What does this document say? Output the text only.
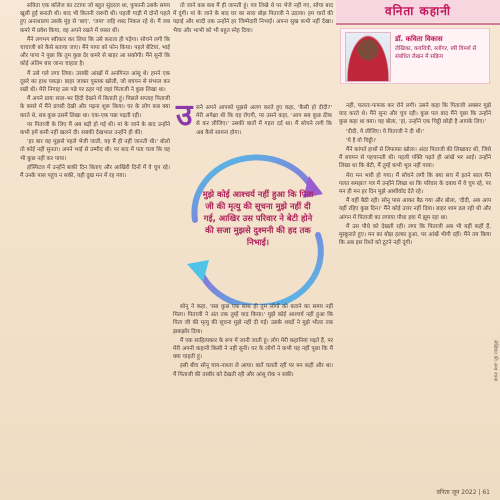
वनिता कहानी

सविता एक कॉलेज का टटापा जो बहुत सुंदरता था, फुफानी उसके समय खुली हुई बनाती थी। बाद भी कितनी जरूरी थी। पहली गाड़ी में दोनों पहले हुए अनाथालय उसके मुंह से 'बाए', 'जमा' जहि शब्द निकल रहे थे। मैं जब कमरे में प्रवेश किया, वह अपने रखने में व्यस्त थी।

मैंने लगभग स्वीकार कर लिया कि उसे कराता ही पड़ेगा। सोचने लगी कि चाचाजी को कैसे बताया जाए। मैंने पापा को फोन किया। पहले बेटियां, भाई और पापा ने पूछा कि तुम कुछ देर कमरे से बाहर आ सकोगी। मैंने सुनी कि कोई अंतिम बार जाना चाहता है।

मैं उसे गले लगा लिया। उसकी आंखों में अनगिनत आंसू थे। हमने एक दूसरे का हाथ पकड़ा। बाहर जाकर पुस्तक खोली, जो बचपन से संभाल कर रखी थी। मेरी निगाह उस पन्ने पर ठहर गई जहां पिताजी ने कुछ लिखा था।

मैं अपने प्रायः साल-भर हिंदी देखने में बिताती हूं। पिछले सप्ताह पिताजी के कमरे में मैंने डायरी देखी और पढ़ना शुरू किया। घर के लोग कब क्या करते थे, सब कुछ उसमें लिखा था। एक-एक पन्ना पढ़ती रही।

पर पिताजी के लिए मैं अब बड़ी हो गई थी। मां के जाने के बाद उन्होंने कभी हमें कमी नहीं खलने दी। सबकी देखभाल उन्होंने ही की।

'हर बार वह मुझसे पहले भेजी जाती, यह मैं ही नहीं जानती थी।' बोलो तो कोई नहीं सुनता। अपने भाई से उम्मीद थी। पर बाद में पता चला कि वह भी कुछ नहीं कर पाया।

हॉस्पिटल में उन्होंने बाकी दिन बिताए और आखिरी दिनों में वे चुप रहे। मैं उनके पास पहुंच न सकी, यही दुख मन में रह गया।

तो जाने कब कब मैं ही जानती हूं। पत्र लिखे थे पर भेजे नहीं गए, सोचा बाद में दूंगी। मां के जाने के बाद घर का सारा बोझ पिताजी ने उठाया। हम चारों की पढ़ाई और शादी तक उन्होंने हर जिम्मेदारी निभाई। अपना सुख कभी नहीं देखा। भैया और भाभी को भी बहुत स्नेह दिया।

डॉ. कविता विकास
लेखिका, कवयित्री, ब्लॉगर, स्त्री विमर्श से संबंधित लेखन में सक्रिय
उ सने अपने आपको मुझसे अलग करते हुए कहा, 'कैसी हो दीदी?' मेरी अपेक्षा थी कि वह रोएगी, पर उसने कहा, 'आप सब कुछ ठीक से कर लीजिए।' उसकी बातों में गहरा दर्द था। मैं सोचने लगी कि अब कैसे सामना होगा।

मुझे कोई आश्चर्य नहीं हुआ कि पिता जी की मृत्यु की सूचना मुझे नहीं दी गई, आखिर उस परिवार ने बेटी होने की सजा मुझसे दुश्मनी की हद तक निभाई।

सोनू ने कहा, 'सब कुछ एक साथ ही तुम लोगों को बताने का समय नहीं मिला। पिताजी ने अंत तक तुम्हें याद किया।' मुझे कोई आश्चर्य नहीं हुआ कि पिता जी की मृत्यु की सूचना मुझे नहीं दी गई। उसके शब्दों ने मुझे भीतर तक झकझोर दिया।

मैं एक साहित्यकार के रूप में जानी जाती हूं। लोग मेरी कहानियां पढ़ते हैं, पर मेरी अपनी कहानी किसी ने नहीं सुनी। घर के लोगों ने कभी यह नहीं पूछा कि मैं क्या चाहती हूं।

इसी बीच सोनू चाय-नाश्ता ले आया। बातें चलती रहीं पर मन कहीं और था। मैं पिताजी की तस्वीर को देखती रही और आंसू रोक न सकी।

नहीं, फलतः-फफक कर रोने लगी। उसने कहा कि पिताजी अक्सर मुझे याद करते थे। मैंने सुना और चुप रही। कुछ पल बाद मैंने पूछा कि उन्होंने कुछ कहा था क्या। वह बोला, 'हां, उन्होंने एक चिट्ठी छोड़ी है आपके लिए।'

'दीदी, ये लीजिए। ये पिताजी ने दी थी।'

'ये है वो चिट्ठी।'

मैंने कांपते हाथों से लिफाफा खोला। अंदर पिताजी की लिखावट थी, जिसे मैं बचपन से पहचानती थी। पहली पंक्ति पढ़ते ही आंखें भर आईं। उन्होंने लिखा था कि बेटी, मैं तुम्हें कभी भूल नहीं पाया।

मेरा मन भारी हो गया। मैं सोचने लगी कि क्या सच में इतने साल मैंने गलत समझा? पत्र में उन्होंने लिखा था कि परिवार के दबाव में वे चुप रहे, पर मन ही मन हर दिन मुझे आशीर्वाद देते रहे।

मैं वहीं बैठी रही। सोनू पास आकर बैठ गया और बोला, 'दीदी, अब आप यहीं रहिए कुछ दिन।' मैंने कोई उत्तर नहीं दिया। बाहर शाम ढल रही थी और आंगन में पिताजी का लगाया पौधा हवा में झूम रहा था।

मैं उस पौधे को देखती रही। लगा कि पिताजी अब भी यहीं कहीं हैं, मुस्कुराते हुए। मन का बोझ हल्का हुआ, पर आंखें भीगी रहीं। मैंने तय किया कि अब इस रिश्ते को टूटने नहीं दूंगी।

लेखिका की अन्य रचना
वनिता जून 2022 | 61
